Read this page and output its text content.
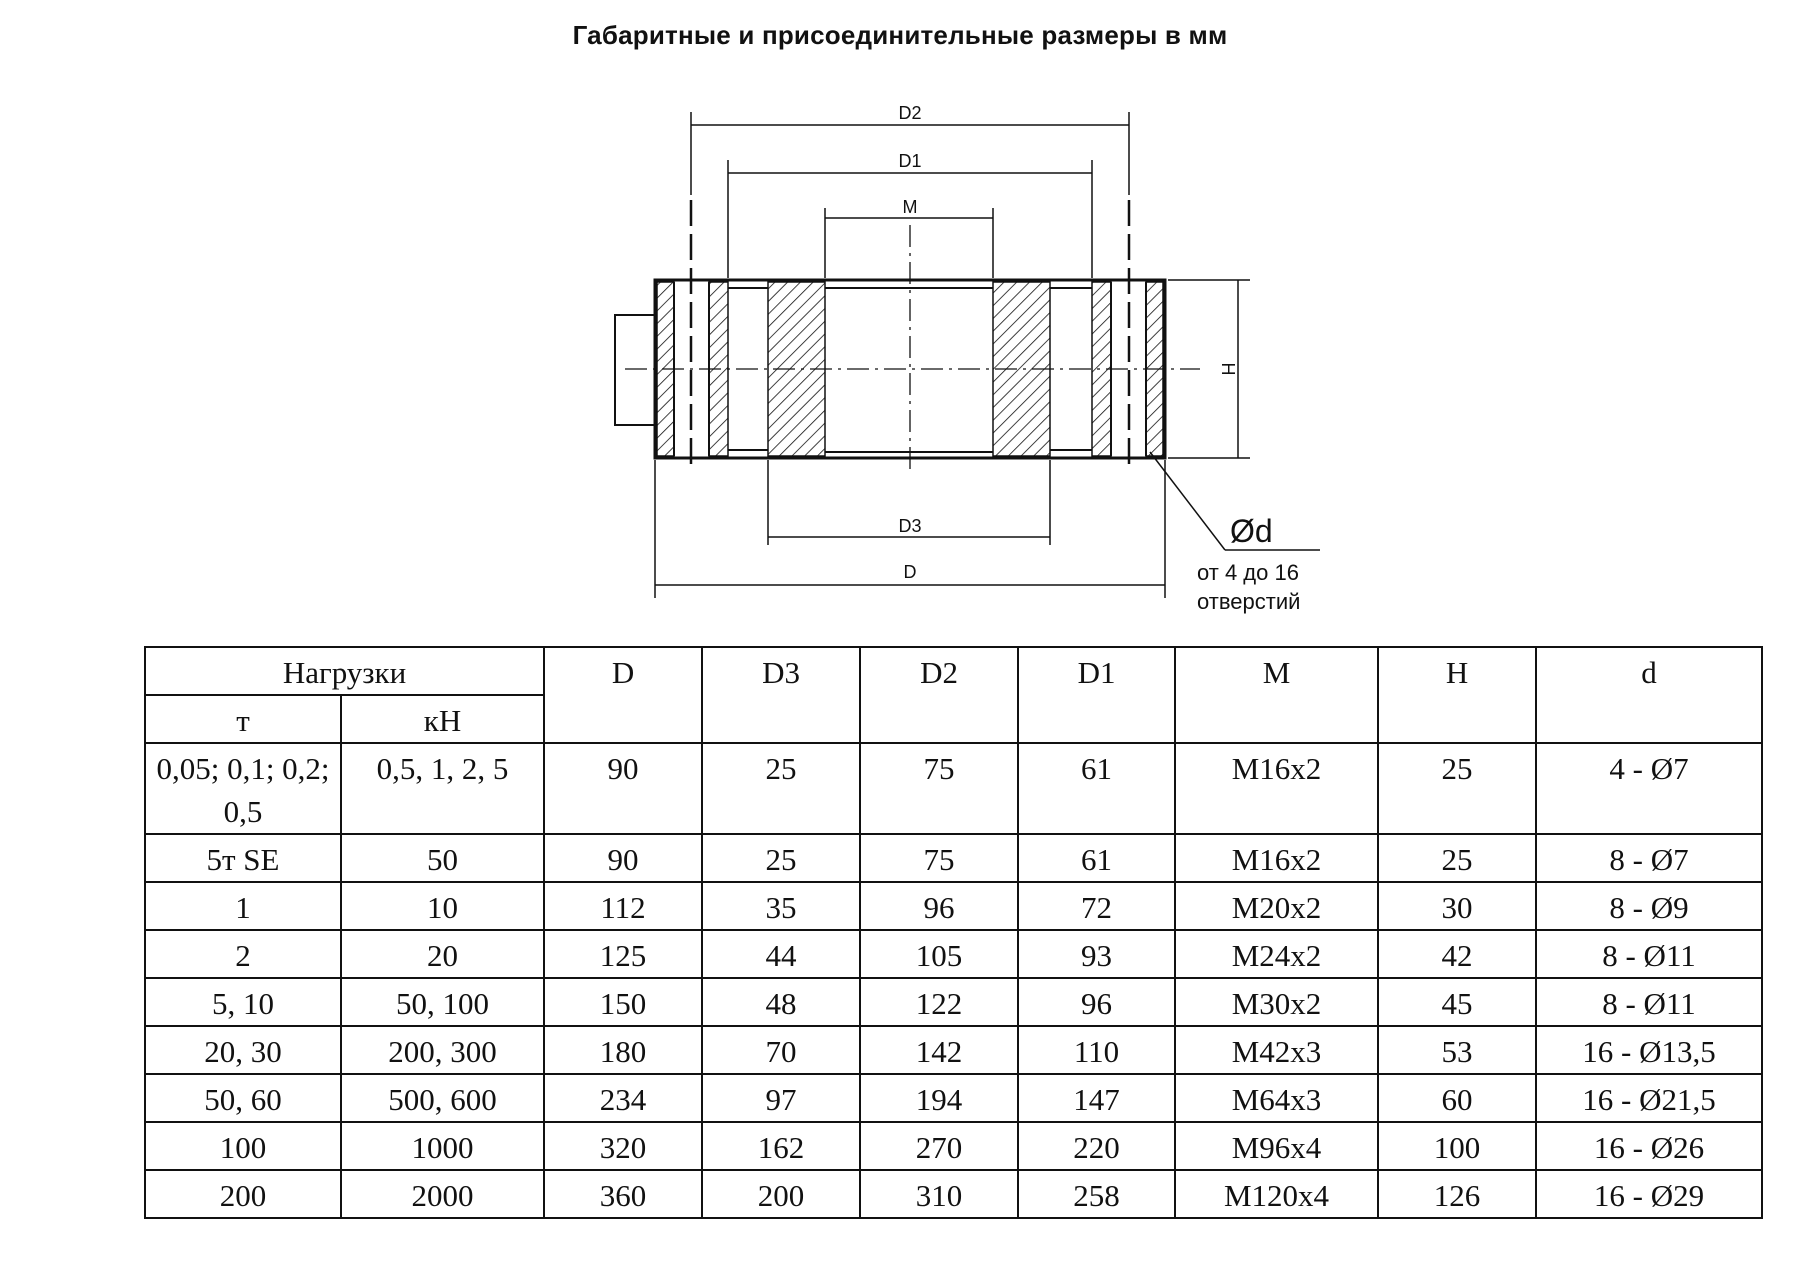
Габаритные и присоединительные размеры в мм
D2
D1
M
H
D3
D
Ød
от 4 до 16
отверстий
Нагрузки		D	D3	D2	D1	M	H	d
т	кН							
0,05; 0,1; 0,2; 0,5	0,5, 1, 2, 5	90	25	75	61	M16x2	25	4 - Ø7
5т SE	50	90	25	75	61	M16x2	25	8 - Ø7
1	10	112	35	96	72	M20x2	30	8 - Ø9
2	20	125	44	105	93	M24x2	42	8 - Ø11
5, 10	50, 100	150	48	122	96	M30x2	45	8 - Ø11
20, 30	200, 300	180	70	142	110	M42x3	53	16 - Ø13,5
50, 60	500, 600	234	97	194	147	M64x3	60	16 - Ø21,5
100	1000	320	162	270	220	M96x4	100	16 - Ø26
200	2000	360	200	310	258	M120x4	126	16 - Ø29
